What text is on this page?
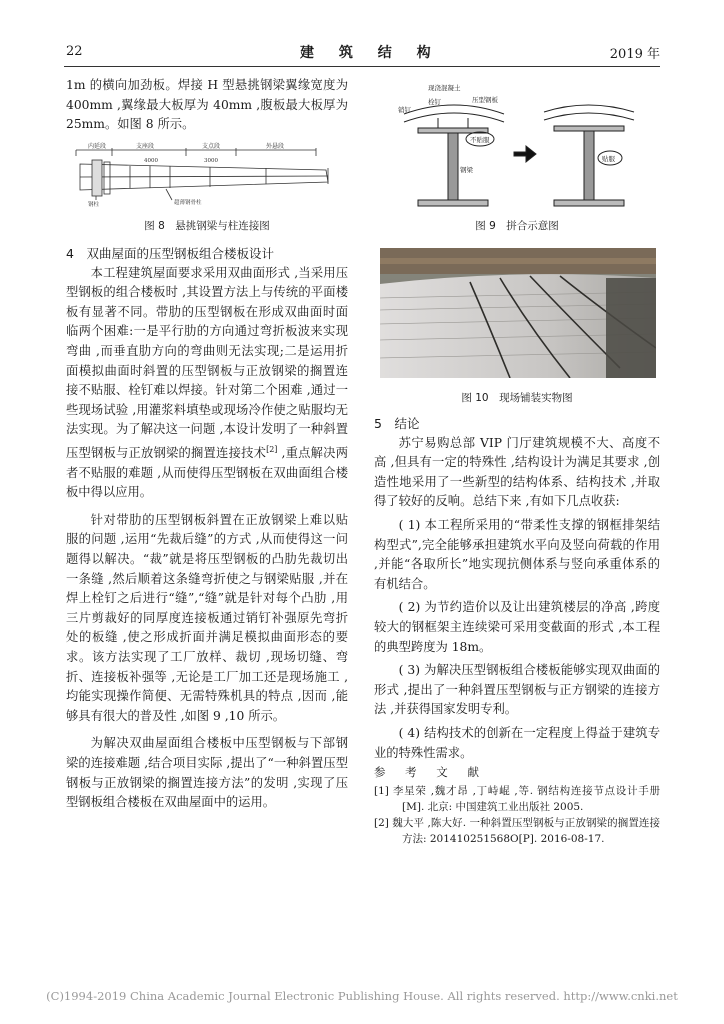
22	建 筑 结 构	2019 年

1m 的横向加劲板。焊接 H 型悬挑钢梁翼缘宽度为 400mm ,翼缘最大板厚为 40mm ,腹板最大板厚为 25mm。如图 8 所示。

内延段	支座段	支点段	外悬段
4000	3000
钢柱	超薄钢骨柱
图 8　悬挑钢梁与柱连接图
现浇混凝土
压型钢板
栓钉
销钉
不贴服
钢梁
贴服
图 9　拼合示意图
图 10　现场铺装实物图

4　双曲屋面的压型钢板组合楼板设计

本工程建筑屋面要求采用双曲面形式 ,当采用压型钢板的组合楼板时 ,其设置方法上与传统的平面楼板有显著不同。带肋的压型钢板在形成双曲面时面临两个困难:一是平行肋的方向通过弯折板波来实现弯曲 ,而垂直肋方向的弯曲则无法实现;二是运用折面模拟曲面时斜置的压型钢板与正放钢梁的搁置连接不贴服、栓钉难以焊接。针对第二个困难 ,通过一些现场试验 ,用灌浆料填垫或现场冷作使之贴服均无法实现。为了解决这一问题 ,本设计发明了一种斜置压型钢板与正放钢梁的搁置连接技术[2] ,重点解决两者不贴服的难题 ,从而使得压型钢板在双曲面组合楼板中得以应用。

针对带肋的压型钢板斜置在正放钢梁上难以贴服的问题 ,运用“先裁后缝”的方式 ,从而使得这一问题得以解决。“裁”就是将压型钢板的凸肋先裁切出一条缝 ,然后顺着这条缝弯折使之与钢梁贴服 ,并在焊上栓钉之后进行“缝”,“缝”就是针对每个凸肋 ,用三片剪裁好的同厚度连接板通过销钉补强原先弯折处的板缝 ,使之形成折面并满足模拟曲面形态的要求。该方法实现了工厂放样、裁切 ,现场切缝、弯折、连接板补强等 ,无论是工厂加工还是现场施工 ,均能实现操作简便、无需特殊机具的特点 ,因而 ,能够具有很大的普及性 ,如图 9 ,10 所示。

为解决双曲屋面组合楼板中压型钢板与下部钢梁的连接难题 ,结合项目实际 ,提出了“一种斜置压型钢板与正放钢梁的搁置连接方法”的发明 ,实现了压型钢板组合楼板在双曲屋面中的运用。

5　结论

苏宁易购总部 VIP 门厅建筑规模不大、高度不高 ,但具有一定的特殊性 ,结构设计为满足其要求 ,创造性地采用了一些新型的结构体系、结构技术 ,并取得了较好的反响。总结下来 ,有如下几点收获:

( 1) 本工程所采用的“带柔性支撑的钢框排架结构型式”,完全能够承担建筑水平向及竖向荷载的作用 ,并能“各取所长”地实现抗侧体系与竖向承重体系的有机结合。

( 2) 为节约造价以及让出建筑楼层的净高 ,跨度较大的钢框架主连续梁可采用变截面的形式 ,本工程的典型跨度为 18m。

( 3) 为解决压型钢板组合楼板能够实现双曲面的形式 ,提出了一种斜置压型钢板与正方钢梁的连接方法 ,并获得国家发明专利。

( 4) 结构技术的创新在一定程度上得益于建筑专业的特殊性需求。

参 考 文 献

[1] 李星荣 ,魏才昂 ,丁峙崐 ,等. 钢结构连接节点设计手册[M]. 北京: 中国建筑工业出版社 2005.

[2] 魏大平 ,陈大好. 一种斜置压型钢板与正放钢梁的搁置连接方法: 201410251568O[P]. 2016-08-17.

(C)1994-2019 China Academic Journal Electronic Publishing House. All rights reserved. http://www.cnki.net
